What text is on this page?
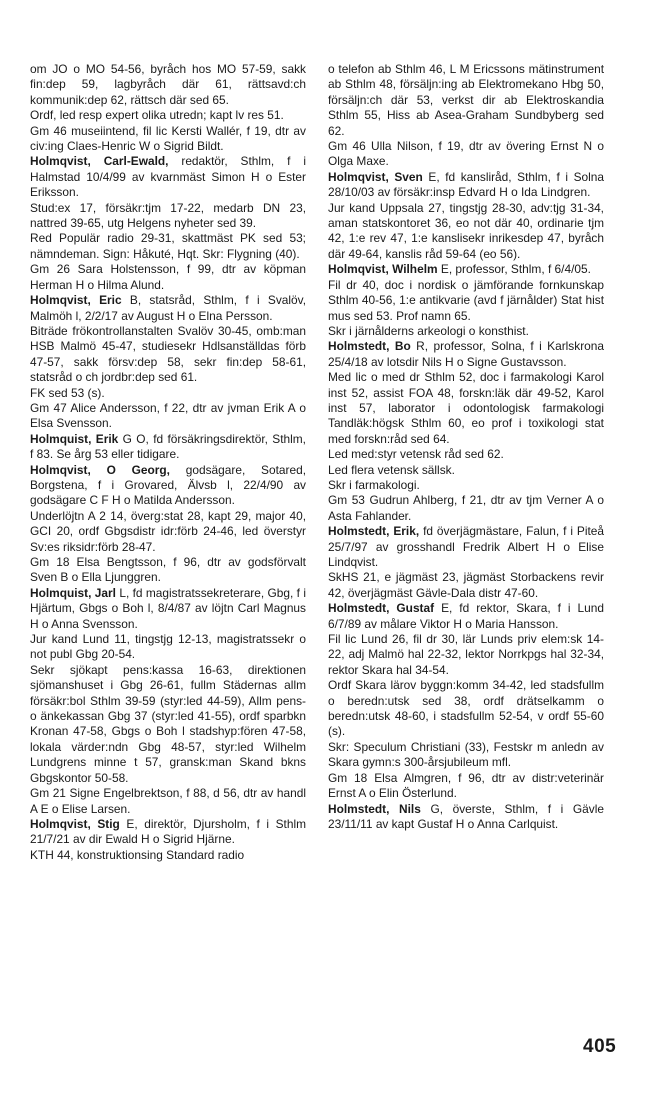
om JO o MO 54-56, byråch hos MO 57-59, sakk fin:dep 59, lagbyråch där 61, rättsavd:ch kommunik:dep 62, rättsch där sed 65.

Ordf, led resp expert olika utredn; kapt lv res 51.

Gm 46 museiintend, fil lic Kersti Wallér, f 19, dtr av civ:ing Claes-Henric W o Sigrid Bildt.

Holmqvist, Carl-Ewald, redaktör, Sthlm, f i Halmstad 10/4/99 av kvarnmäst Simon H o Ester Eriksson.

Stud:ex 17, försäkr:tjm 17-22, medarb DN 23, nattred 39-65, utg Helgens nyheter sed 39.

Red Populär radio 29-31, skattmäst PK sed 53; nämndeman. Sign: Håkuté, Hqt. Skr: Flygning (40).

Gm 26 Sara Holstensson, f 99, dtr av köpman Herman H o Hilma Alund.

Holmqvist, Eric B, statsråd, Sthlm, f i Svalöv, Malmöh l, 2/2/17 av August H o Elna Persson.

Biträde frökontrollanstalten Svalöv 30-45, omb:man HSB Malmö 45-47, studiesekr Hdlsanställdas förb 47-57, sakk försv:dep 58, sekr fin:dep 58-61, statsråd o ch jordbr:dep sed 61.

FK sed 53 (s).

Gm 47 Alice Andersson, f 22, dtr av jvman Erik A o Elsa Svensson.

Holmquist, Erik G O, fd försäkringsdirektör, Sthlm, f 83. Se årg 53 eller tidigare.

Holmqvist, O Georg, godsägare, Sotared, Borgstena, f i Grovared, Älvsb l, 22/4/90 av godsägare C F H o Matilda Andersson.

Underlöjtn A 2 14, överg:stat 28, kapt 29, major 40, GCI 20, ordf Gbgsdistr idr:förb 24-46, led överstyr Sv:es riksidr:förb 28-47.

Gm 18 Elsa Bengtsson, f 96, dtr av godsförvalt Sven B o Ella Ljunggren.

Holmquist, Jarl L, fd magistratssekreterare, Gbg, f i Hjärtum, Gbgs o Boh l, 8/4/87 av löjtn Carl Magnus H o Anna Svensson.

Jur kand Lund 11, tingstjg 12-13, magistratssekr o not publ Gbg 20-54.

Sekr sjökapt pens:kassa 16-63, direktionen sjömanshuset i Gbg 26-61, fullm Städernas allm försäkr:bol Sthlm 39-59 (styr:led 44-59), Allm pens- o änkekassan Gbg 37 (styr:led 41-55), ordf sparbkn Kronan 47-58, Gbgs o Boh l stadshyp:fören 47-58, lokala värder:ndn Gbg 48-57, styr:led Wilhelm Lundgrens minne t 57, gransk:man Skand bkns Gbgskontor 50-58.

Gm 21 Signe Engelbrektson, f 88, d 56, dtr av handl A E o Elise Larsen.

Holmqvist, Stig E, direktör, Djursholm, f i Sthlm 21/7/21 av dir Ewald H o Sigrid Hjärne.

KTH 44, konstruktionsing Standard radio

o telefon ab Sthlm 46, L M Ericssons mätinstrument ab Sthlm 48, försäljn:ing ab Elektromekano Hbg 50, försäljn:ch där 53, verkst dir ab Elektroskandia Sthlm 55, Hiss ab Asea-Graham Sundbyberg sed 62.

Gm 46 Ulla Nilson, f 19, dtr av övering Ernst N o Olga Maxe.

Holmqvist, Sven E, fd kansliråd, Sthlm, f i Solna 28/10/03 av försäkr:insp Edvard H o Ida Lindgren.

Jur kand Uppsala 27, tingstjg 28-30, adv:tjg 31-34, aman statskontoret 36, eo not där 40, ordinarie tjm 42, 1:e rev 47, 1:e kanslisekr inrikesdep 47, byråch där 49-64, kanslis råd 59-64 (eo 56).

Holmqvist, Wilhelm E, professor, Sthlm, f 6/4/05.

Fil dr 40, doc i nordisk o jämförande fornkunskap Sthlm 40-56, 1:e antikvarie (avd f järnålder) Stat hist mus sed 53. Prof namn 65.

Skr i järnålderns arkeologi o konsthist.

Holmstedt, Bo R, professor, Solna, f i Karlskrona 25/4/18 av lotsdir Nils H o Signe Gustavsson.

Med lic o med dr Sthlm 52, doc i farmakologi Karol inst 52, assist FOA 48, forskn:läk där 49-52, Karol inst 57, laborator i odontologisk farmakologi Tandläk:högsk Sthlm 60, eo prof i toxikologi stat med forskn:råd sed 64.

Led med:styr vetensk råd sed 62.

Led flera vetensk sällsk.

Skr i farmakologi.

Gm 53 Gudrun Ahlberg, f 21, dtr av tjm Verner A o Asta Fahlander.

Holmstedt, Erik, fd överjägmästare, Falun, f i Piteå 25/7/97 av grosshandl Fredrik Albert H o Elise Lindqvist.

SkHS 21, e jägmäst 23, jägmäst Storbackens revir 42, överjägmäst Gävle-Dala distr 47-60.

Holmstedt, Gustaf E, fd rektor, Skara, f i Lund 6/7/89 av målare Viktor H o Maria Hansson.

Fil lic Lund 26, fil dr 30, lär Lunds priv elem:sk 14-22, adj Malmö hal 22-32, lektor Norrkpgs hal 32-34, rektor Skara hal 34-54.

Ordf Skara lärov byggn:komm 34-42, led stadsfullm o beredn:utsk sed 38, ordf drätselkamm o beredn:utsk 48-60, i stadsfullm 52-54, v ordf 55-60 (s).

Skr: Speculum Christiani (33), Festskr m anledn av Skara gymn:s 300-årsjubileum mfl.

Gm 18 Elsa Almgren, f 96, dtr av distr:veterinär Ernst A o Elin Österlund.

Holmstedt, Nils G, överste, Sthlm, f i Gävle 23/11/11 av kapt Gustaf H o Anna Carlquist.

405
